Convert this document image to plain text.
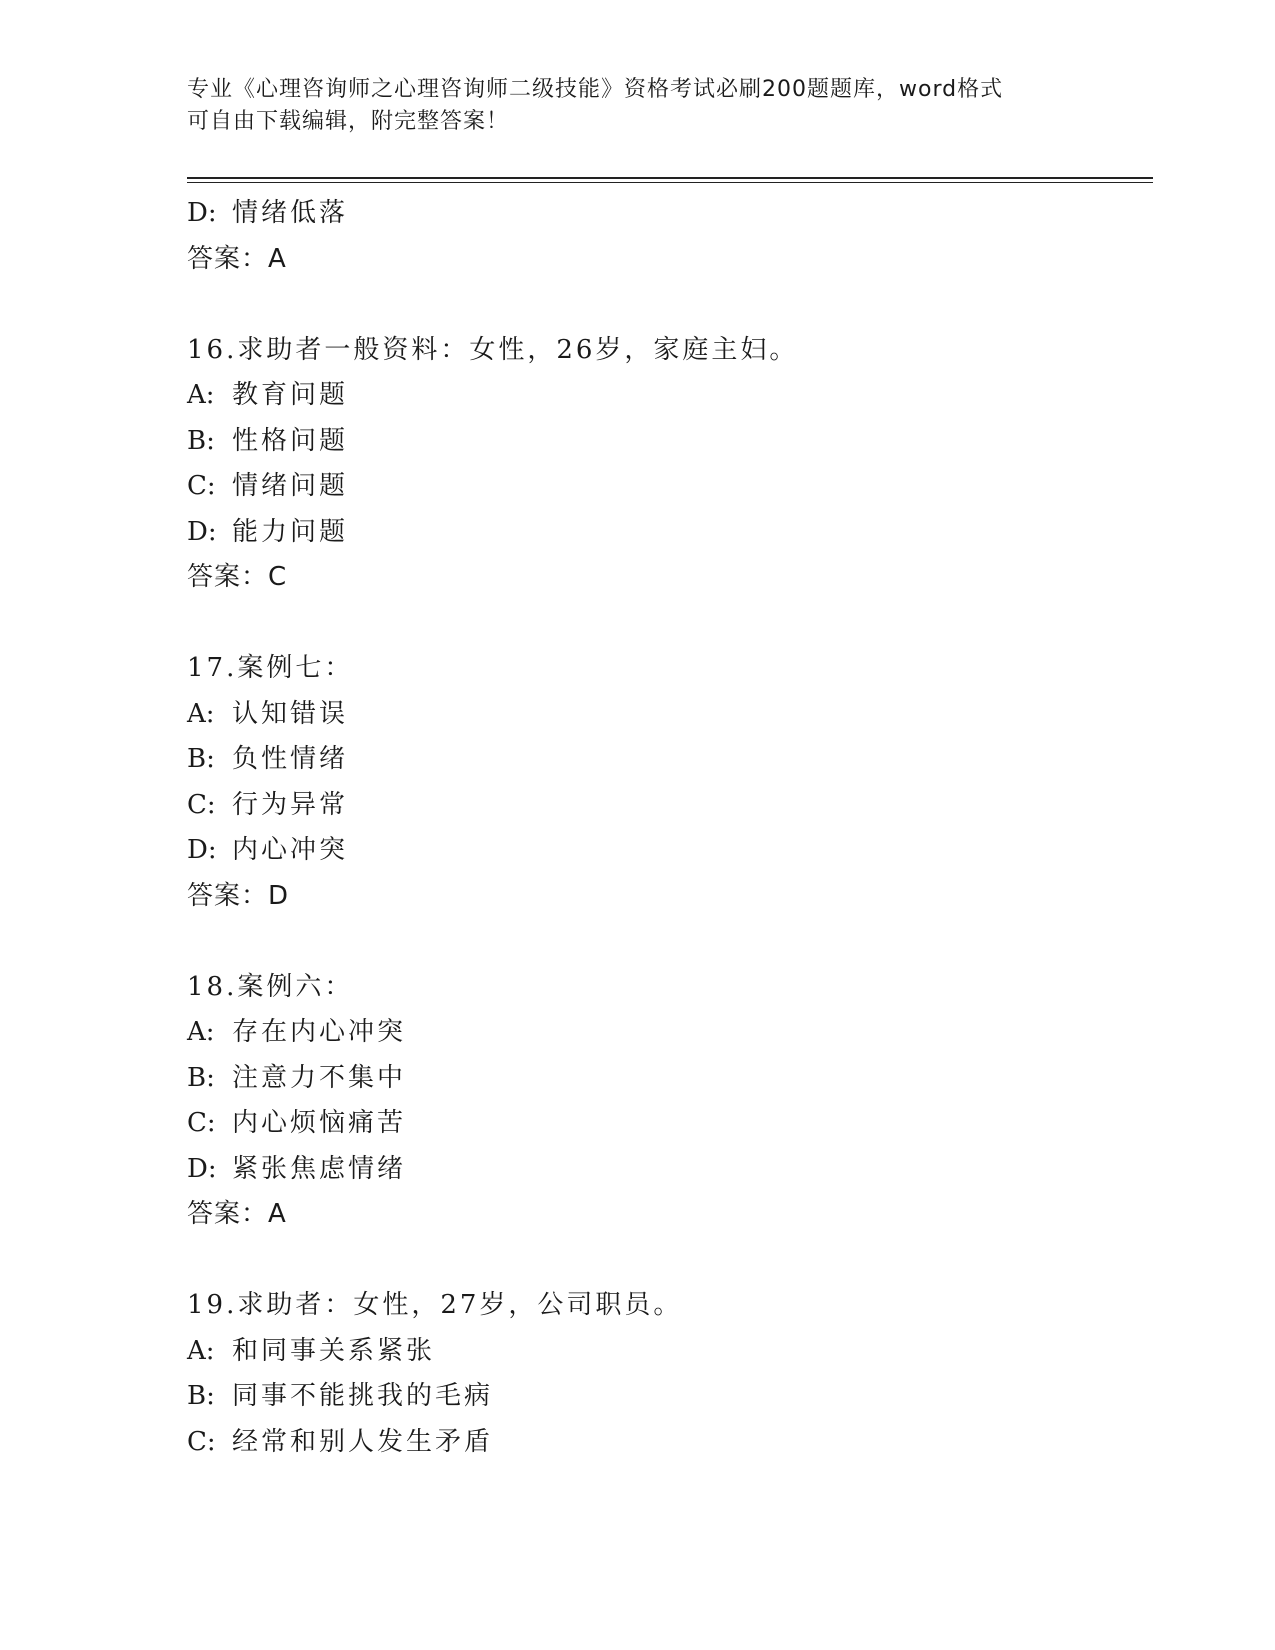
专业《心理咨询师之心理咨询师二级技能》资格考试必刷200题题库，word格式
可自由下载编辑，附完整答案！
D: 情绪低落
答案：A
16.求助者一般资料：女性，26岁，家庭主妇。
A: 教育问题
B: 性格问题
C: 情绪问题
D: 能力问题
答案：C
17.案例七：
A: 认知错误
B: 负性情绪
C: 行为异常
D: 内心冲突
答案：D
18.案例六：
A: 存在内心冲突
B: 注意力不集中
C: 内心烦恼痛苦
D: 紧张焦虑情绪
答案：A
19.求助者：女性，27岁，公司职员。
A: 和同事关系紧张
B: 同事不能挑我的毛病
C: 经常和别人发生矛盾
